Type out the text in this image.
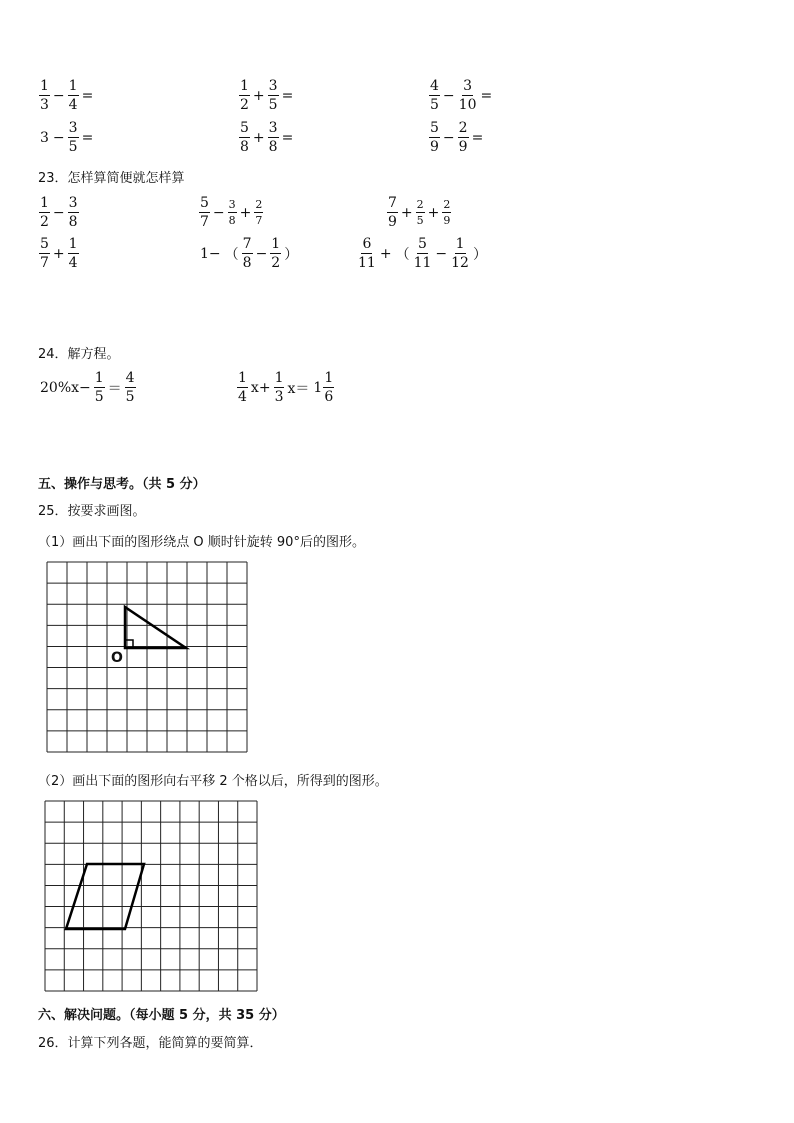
$\frac{1}{3} - \frac{1}{4}$ =	$\frac{1}{2} + \frac{3}{5}$ =	$\frac{4}{5} - \frac{3}{10}$ =
$3 - \frac{3}{5}$ =	$\frac{5}{8} + \frac{3}{8}$ =	$\frac{5}{9} - \frac{2}{9}$ =
23．怎样算简便就怎样算
$\frac{1}{2} - \frac{3}{8}$	$\frac{5}{7} - \frac{3}{8} + \frac{2}{7}$	$\frac{7}{9} + \frac{2}{5} + \frac{2}{9}$
$\frac{5}{7} + \frac{1}{4}$	1− （ $\frac{7}{8} - \frac{1}{2}$ ）	$\frac{6}{11}$ + （ $\frac{5}{11} - \frac{1}{12}$ ）
24．解方程。
$20\%x- \frac{1}{5} = \frac{4}{5}$	$\frac{1}{4} x+ \frac{1}{3} x= 1 \frac{1}{6}$
五、操作与思考。（共 5 分）
25．按要求画图。
（1）画出下面的图形绕点 O 顺时针旋转 90°后的图形。
O
（2）画出下面的图形向右平移 2 个格以后，所得到的图形。
六、解决问题。（每小题 5 分，共 35 分）
26．计算下列各题，能简算的要简算．
